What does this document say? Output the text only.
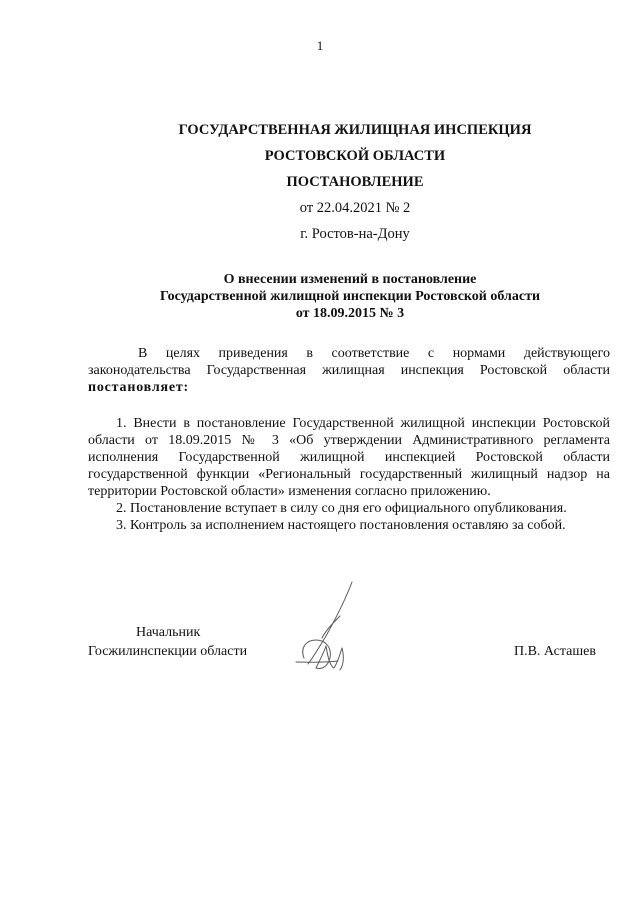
1
ГОСУДАРСТВЕННАЯ ЖИЛИЩНАЯ ИНСПЕКЦИЯ
РОСТОВСКОЙ ОБЛАСТИ
ПОСТАНОВЛЕНИЕ
от 22.04.2021 № 2
г. Ростов-на-Дону
О внесении изменений в постановление
Государственной жилищной инспекции Ростовской области
от 18.09.2015 № 3

В целях приведения в соответствие с нормами действующего законодательства Государственная жилищная инспекция Ростовской области постановляет:

1. Внести в постановление Государственной жилищной инспекции Ростовской области от 18.09.2015 № 3 «Об утверждении Административного регламента исполнения Государственной жилищной инспекцией Ростовской области государственной функции «Региональный государственный жилищный надзор на территории Ростовской области» изменения согласно приложению.
2. Постановление вступает в силу со дня его официального опубликования.
3. Контроль за исполнением настоящего постановления оставляю за собой.
Начальник
Госжилинспекции области	П.В. Асташев
